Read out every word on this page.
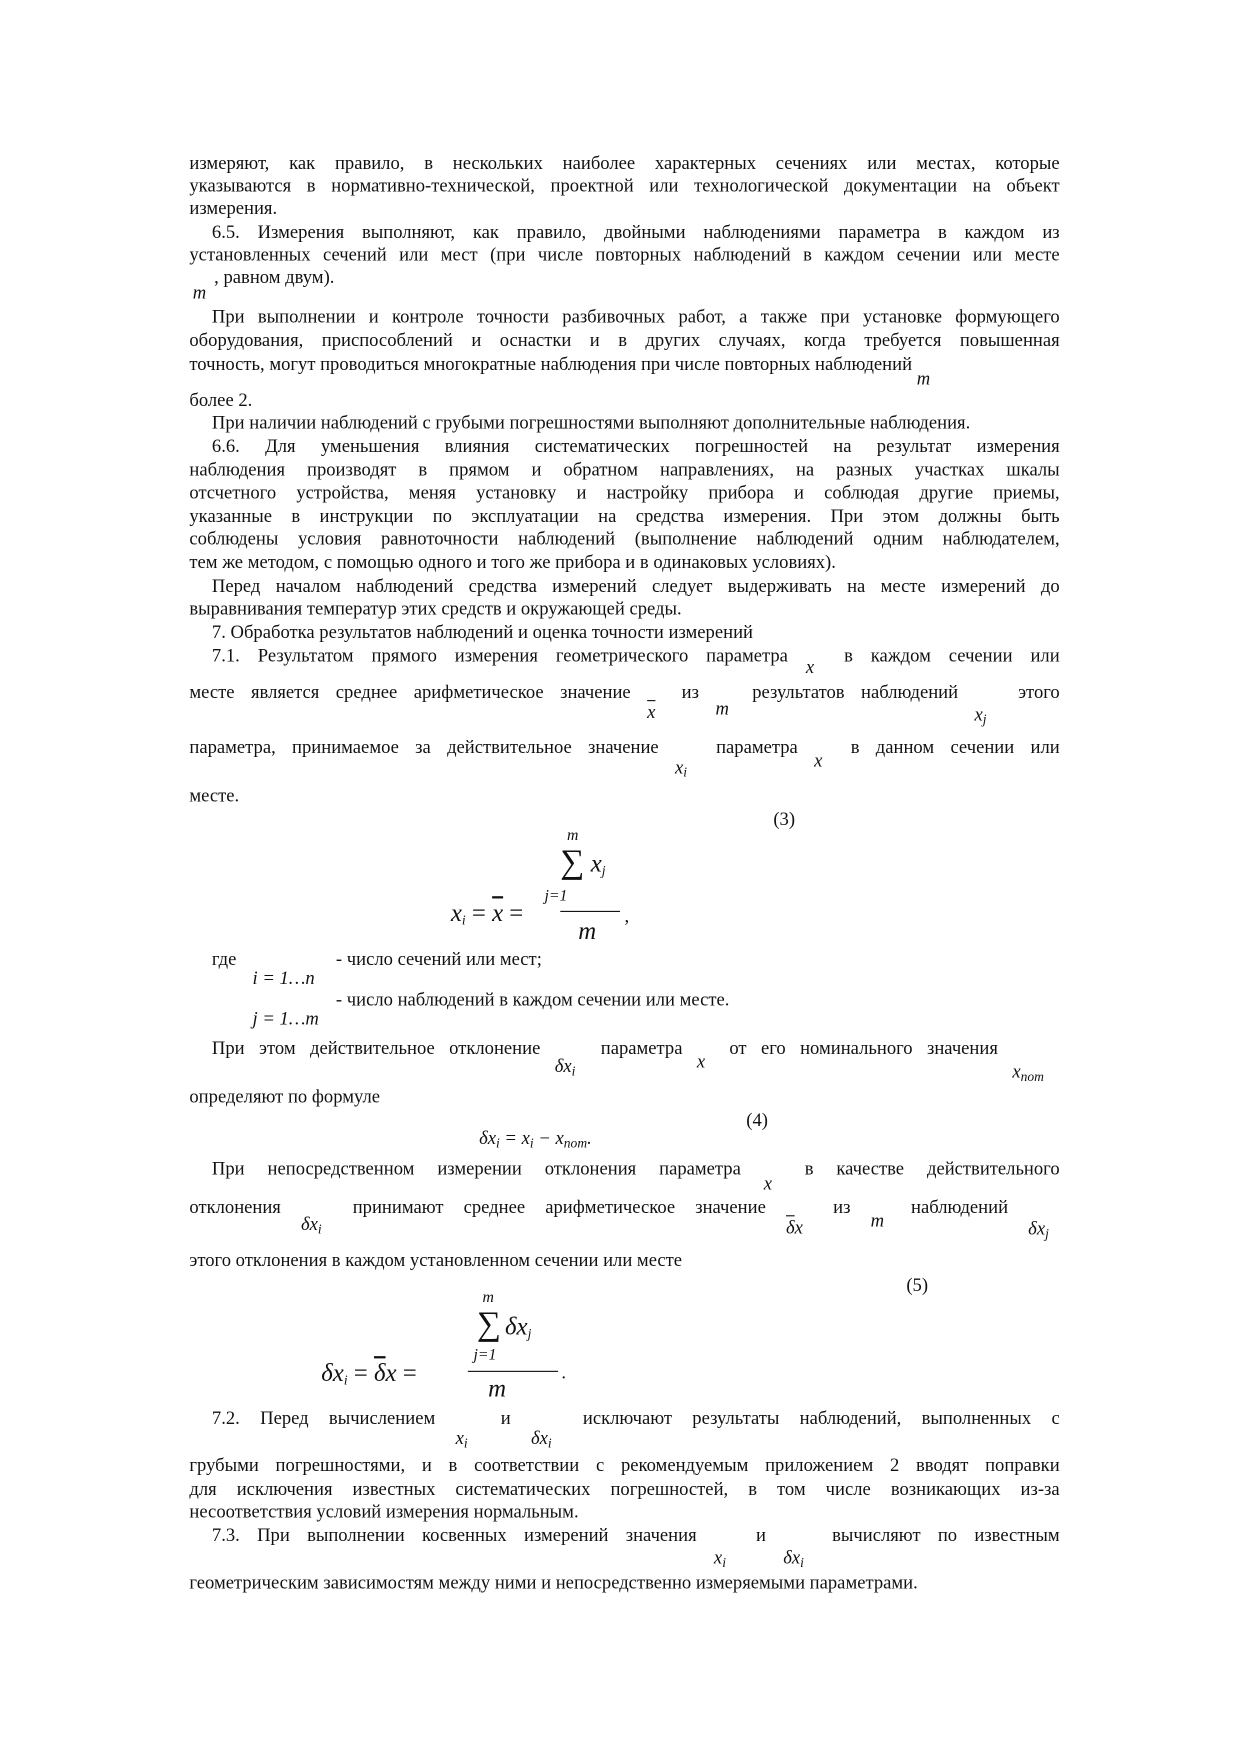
измеряют, как правило, в нескольких наиболее характерных сечениях или местах, которые
указываются в нормативно-технической, проектной или технологической документации на объект
измерения.
6.5. Измерения выполняют, как правило, двойными наблюдениями параметра в каждом из
установленных сечений или мест (при числе повторных наблюдений в каждом сечении или месте
m
, равном двум).
При выполнении и контроле точности разбивочных работ, а также при установке формующего
оборудования, приспособлений и оснастки и в других случаях, когда требуется повышенная
точность, могут проводиться многократные наблюдения при числе повторных наблюдений
m
более 2.
При наличии наблюдений с грубыми погрешностями выполняют дополнительные наблюдения.
6.6. Для уменьшения влияния систематических погрешностей на результат измерения
наблюдения производят в прямом и обратном направлениях, на разных участках шкалы
отсчетного устройства, меняя установку и настройку прибора и соблюдая другие приемы,
указанные в инструкции по эксплуатации на средства измерения. При этом должны быть
соблюдены условия равноточности наблюдений (выполнение наблюдений одним наблюдателем,
тем же методом, с помощью одного и того же прибора и в одинаковых условиях).
Перед началом наблюдений средства измерений следует выдерживать на месте измерений до
выравнивания температур этих средств и окружающей среды.
7. Обработка результатов наблюдений и оценка точности измерений
7.1. Результатом прямого измерения геометрического параметра
x
в каждом сечении или
месте является среднее арифметическое значение
$\overline{x}$
из
m
результатов наблюдений
$x_j$
этого
параметра, принимаемое за действительное значение
$x_i$
параметра
x
в данном сечении или
месте.
(3)
m
∑ $x_j$
j=1
$x_i = \overline{x}$ =
m
,
где
i = 1…n
- число сечений или мест;
j = 1…m
- число наблюдений в каждом сечении или месте.
При этом действительное отклонение
$\delta x_i$
параметра
x
от его номинального значения
$x_{nom}$
определяют по формуле
(4)
$\delta x_i = x_i - x_{nom}$.
При непосредственном измерении отклонения параметра
x
в качестве действительного
отклонения
$\delta x_i$
принимают среднее арифметическое значение
$\overline{\delta}x$
из
m
наблюдений
$\delta x_j$
этого отклонения в каждом установленном сечении или месте
(5)
m
∑ $\delta x_j$
j=1
$\delta x_i = \overline{\delta}x$ =
m
.
7.2. Перед вычислением
$x_i$
и
$\delta x_i$
исключают результаты наблюдений, выполненных с
грубыми погрешностями, и в соответствии с рекомендуемым приложением 2 вводят поправки
для исключения известных систематических погрешностей, в том числе возникающих из-за
несоответствия условий измерения нормальным.
7.3. При выполнении косвенных измерений значения
$x_i$
и
$\delta x_i$
вычисляют по известным
геометрическим зависимостям между ними и непосредственно измеряемыми параметрами.
